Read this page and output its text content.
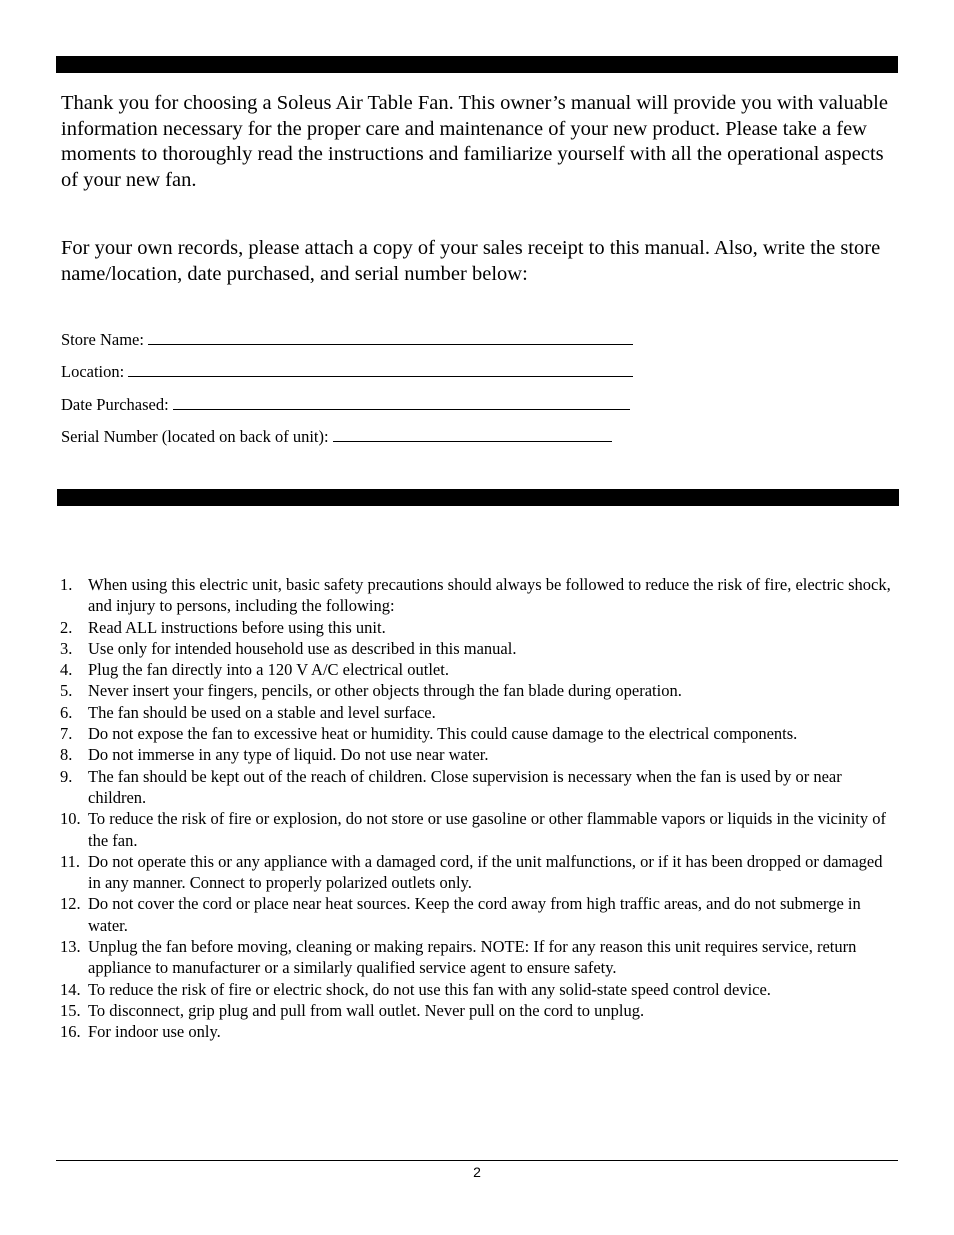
Thank you for choosing a Soleus Air Table Fan. This owner’s manual will provide you with valuable information necessary for the proper care and maintenance of your new product. Please take a few moments to thoroughly read the instructions and familiarize yourself with all the operational aspects of your new fan.

For your own records, please attach a copy of your sales receipt to this manual. Also, write the store name/location, date purchased, and serial number below:

Store Name:
Location:
Date Purchased:
Serial Number (located on back of unit):
1. When using this electric unit, basic safety precautions should always be followed to reduce the risk of fire, electric shock, and injury to persons, including the following:
2. Read ALL instructions before using this unit.
3. Use only for intended household use as described in this manual.
4. Plug the fan directly into a 120 V A/C electrical outlet.
5. Never insert your fingers, pencils, or other objects through the fan blade during operation.
6. The fan should be used on a stable and level surface.
7. Do not expose the fan to excessive heat or humidity. This could cause damage to the electrical components.
8. Do not immerse in any type of liquid. Do not use near water.
9. The fan should be kept out of the reach of children. Close supervision is necessary when the fan is used by or near children.
10. To reduce the risk of fire or explosion, do not store or use gasoline or other flammable vapors or liquids in the vicinity of the fan.
11. Do not operate this or any appliance with a damaged cord, if the unit malfunctions, or if it has been dropped or damaged in any manner. Connect to properly polarized outlets only.
12. Do not cover the cord or place near heat sources. Keep the cord away from high traffic areas, and do not submerge in water.
13. Unplug the fan before moving, cleaning or making repairs. NOTE: If for any reason this unit requires service, return appliance to manufacturer or a similarly qualified service agent to ensure safety.
14. To reduce the risk of fire or electric shock, do not use this fan with any solid-state speed control device.
15. To disconnect, grip plug and pull from wall outlet. Never pull on the cord to unplug.
16. For indoor use only.
2
